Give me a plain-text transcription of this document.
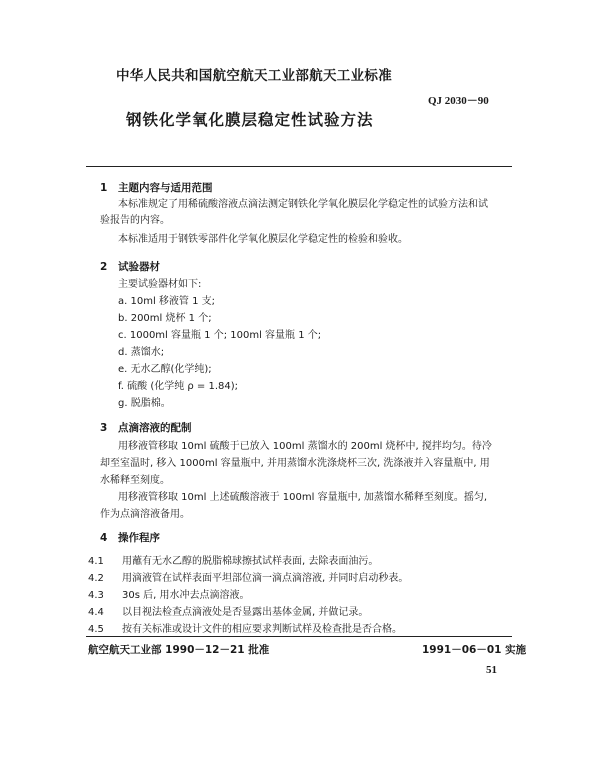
中华人民共和国航空航天工业部航天工业标准
QJ 2030－90
钢铁化学氧化膜层稳定性试验方法
1 主题内容与适用范围
本标准规定了用稀硫酸溶液点滴法测定钢铁化学氧化膜层化学稳定性的试验方法和试
验报告的内容。
本标准适用于钢铁零部件化学氧化膜层化学稳定性的检验和验收。
2 试验器材
主要试验器材如下:
a. 10ml 移液管 1 支;
b. 200ml 烧杯 1 个;
c. 1000ml 容量瓶 1 个; 100ml 容量瓶 1 个;
d. 蒸馏水;
e. 无水乙醇(化学纯);
f. 硫酸 (化学纯 ρ = 1.84);
g. 脱脂棉。
3 点滴溶液的配制
用移液管移取 10ml 硫酸于已放入 100ml 蒸馏水的 200ml 烧杯中, 搅拌均匀。待冷
却至室温时, 移入 1000ml 容量瓶中, 并用蒸馏水洗涤烧杯三次, 洗涤液并入容量瓶中, 用
水稀释至刻度。
用移液管移取 10ml 上述硫酸溶液于 100ml 容量瓶中, 加蒸馏水稀释至刻度。摇匀,
作为点滴溶液备用。
4 操作程序
4.1 用蘸有无水乙醇的脱脂棉球擦拭试样表面, 去除表面油污。
4.2 用滴液管在试样表面平坦部位滴一滴点滴溶液, 并同时启动秒表。
4.3 30s 后, 用水冲去点滴溶液。
4.4 以目视法检查点滴液处是否显露出基体金属, 并做记录。
4.5 按有关标准或设计文件的相应要求判断试样及检查批是否合格。
航空航天工业部 1990－12－21 批准	1991－06－01 实施
51
